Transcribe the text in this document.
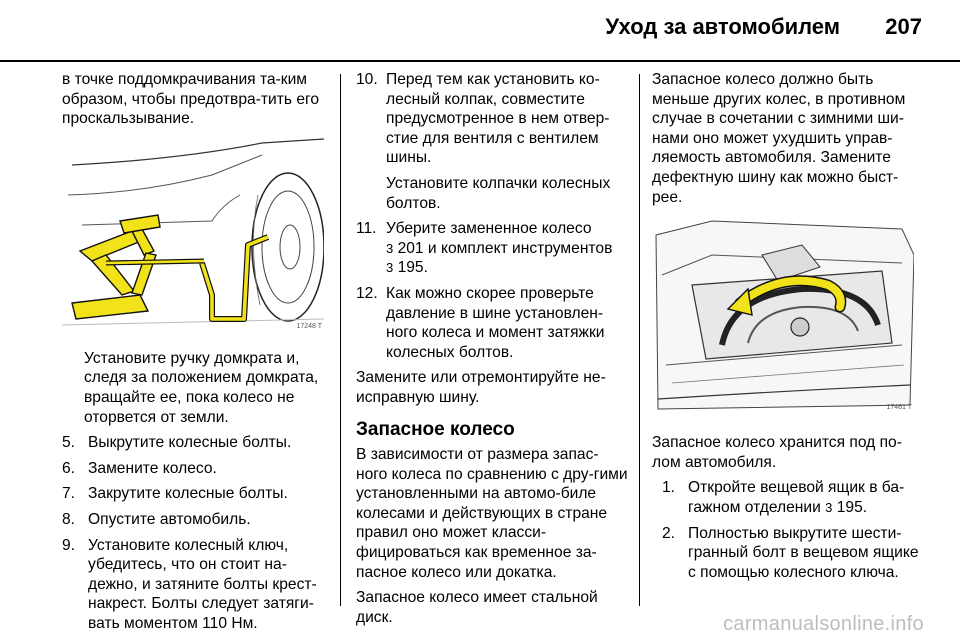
Уход за автомобилем 207

в точке поддомкрачивания та-ким образом, чтобы предотвра-тить его проскальзывание.

17248 T

Установите ручку домкрата и, следя за положением домкрата, вращайте ее, пока колесо не оторвется от земли.

5. Выкрутите колесные болты.
6. Замените колесо.
7. Закрутите колесные болты.
8. Опустите автомобиль.
9. Установите колесный ключ, убедитесь, что он стоит на-дежно, и затяните болты крест-накрест. Болты следует затяги-вать моментом 110 Нм.
10. Перед тем как установить ко-лесный колпак, совместите предусмотренное в нем отвер-стие для вентиля с вентилем шины.

Установите колпачки колесных болтов.

11. Уберите замененное колесо
3 201 и комплект инструментов
3 195.
12. Как можно скорее проверьте давление в шине установлен-ного колеса и момент затяжки колесных болтов.

Замените или отремонтируйте не-исправную шину.

Запасное колесо

В зависимости от размера запас-ного колеса по сравнению с дру-гими установленными на автомо-биле колесами и действующих в стране правил оно может класси-фицироваться как временное за-пасное колесо или докатка.

Запасное колесо имеет стальной диск.

Запасное колесо должно быть меньше других колес, в противном случае в сочетании с зимними ши-нами оно может ухудшить управ-ляемость автомобиля. Замените дефектную шину как можно быст-рее.

17461 T

Запасное колесо хранится под по-лом автомобиля.

1. Откройте вещевой ящик в ба-гажном отделении 3 195.
2. Полностью выкрутите шести-гранный болт в вещевом ящике с помощью колесного ключа.
carmanualsonline.info
